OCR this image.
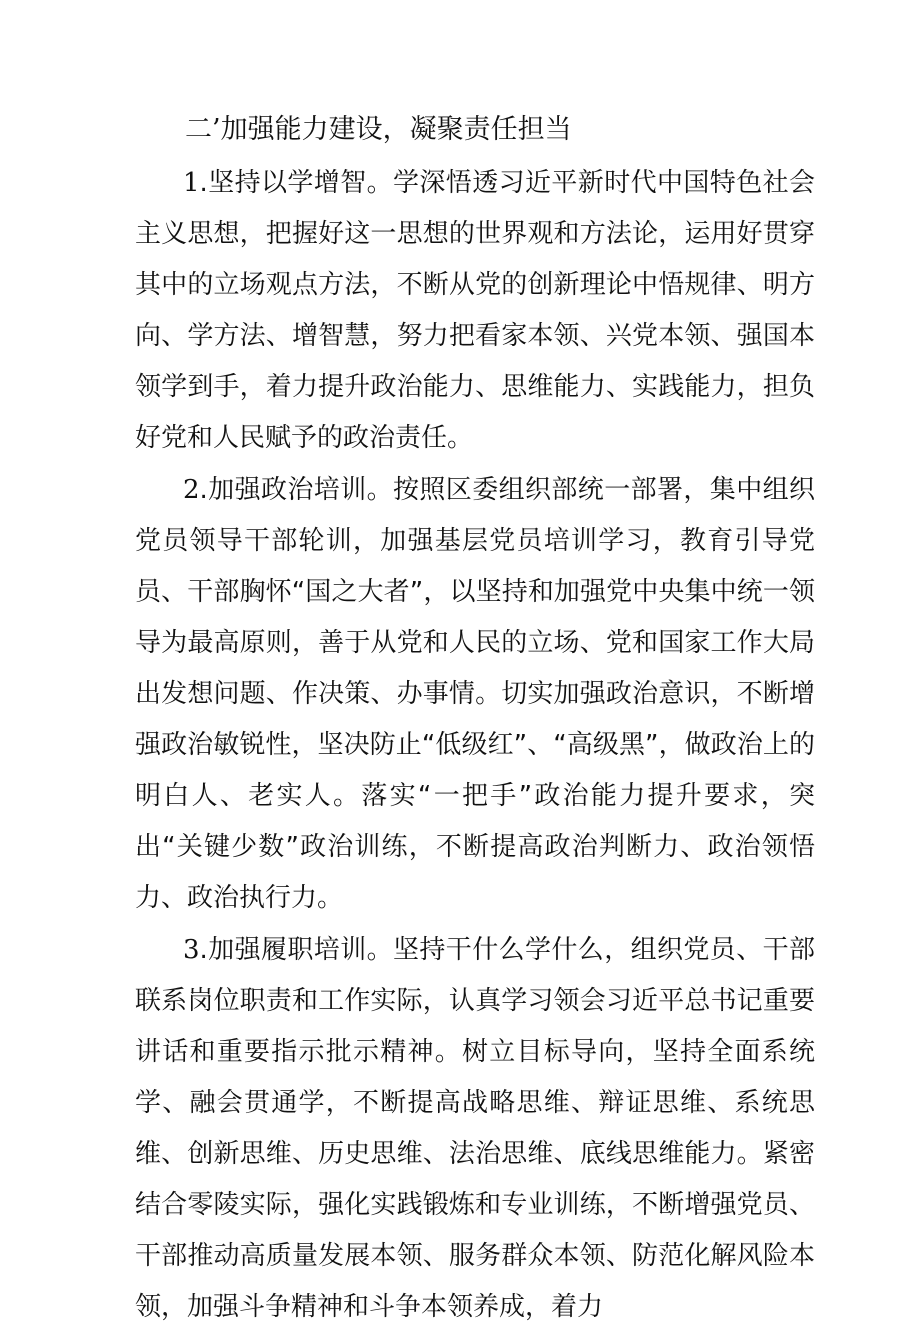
二’加强能力建设，凝聚责任担当

1.坚持以学增智。学深悟透习近平新时代中国特色社会主义思想，把握好这一思想的世界观和方法论，运用好贯穿其中的立场观点方法，不断从党的创新理论中悟规律、明方向、学方法、增智慧，努力把看家本领、兴党本领、强国本领学到手，着力提升政治能力、思维能力、实践能力，担负好党和人民赋予的政治责任。

2.加强政治培训。按照区委组织部统一部署，集中组织党员领导干部轮训，加强基层党员培训学习，教育引导党员、干部胸怀“国之大者”，以坚持和加强党中央集中统一领导为最高原则，善于从党和人民的立场、党和国家工作大局出发想问题、作决策、办事情。切实加强政治意识，不断增强政治敏锐性，坚决防止“低级红”、“高级黑”，做政治上的明白人、老实人。落实“一把手”政治能力提升要求，突出“关键少数”政治训练，不断提高政治判断力、政治领悟力、政治执行力。

3.加强履职培训。坚持干什么学什么，组织党员、干部联系岗位职责和工作实际，认真学习领会习近平总书记重要讲话和重要指示批示精神。树立目标导向，坚持全面系统学、融会贯通学，不断提高战略思维、辩证思维、系统思维、创新思维、历史思维、法治思维、底线思维能力。紧密结合零陵实际，强化实践锻炼和专业训练，不断增强党员、干部推动高质量发展本领、服务群众本领、防范化解风险本领，加强斗争精神和斗争本领养成，着力
